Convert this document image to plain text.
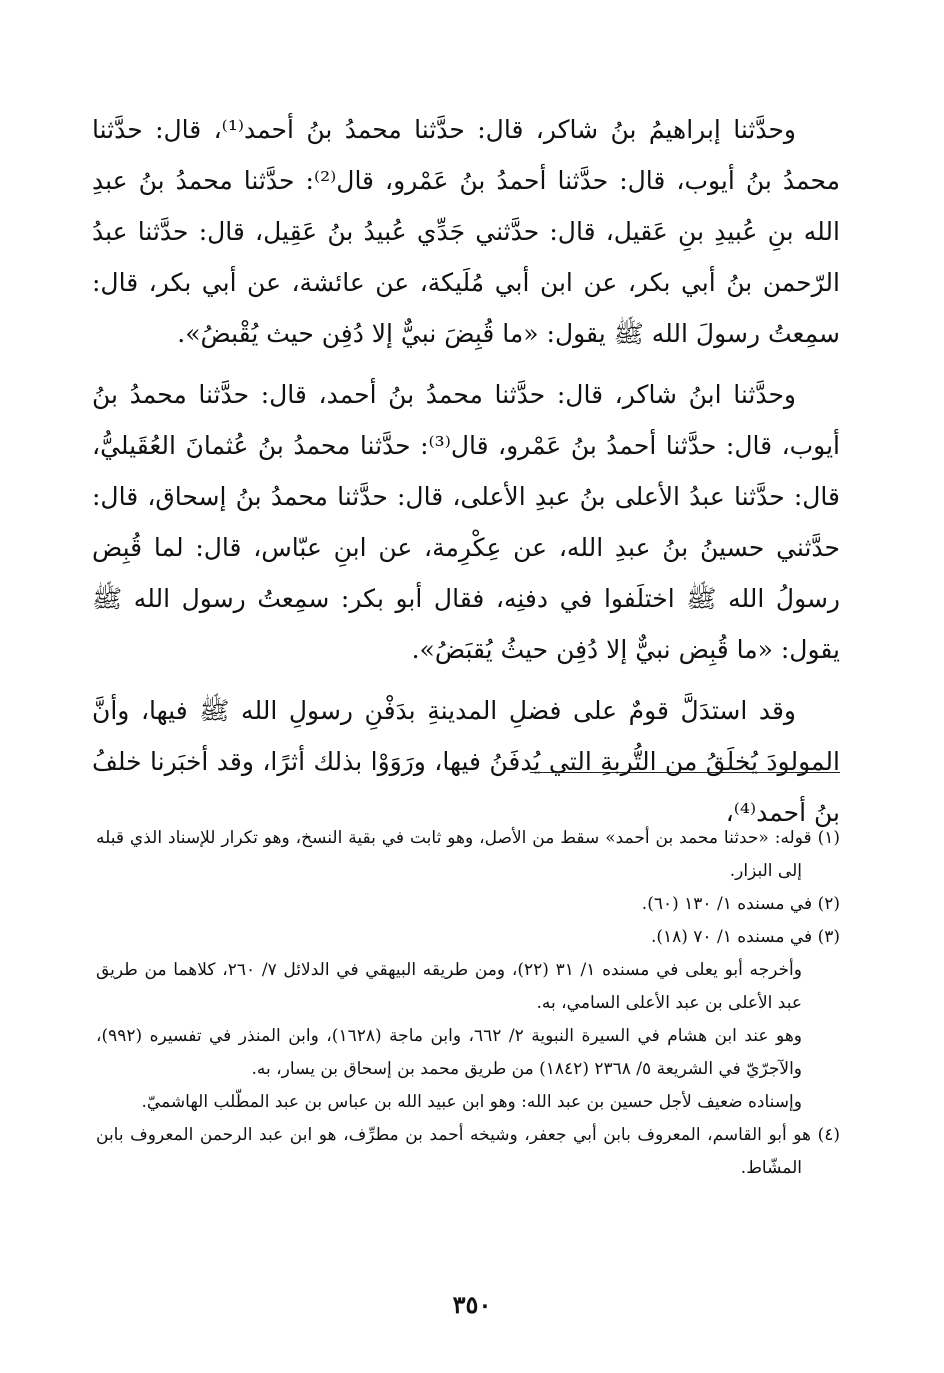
وحدَّثنا إبراهيمُ بنُ شاكر، قال: حدَّثنا محمدُ بنُ أحمد⁽¹⁾، قال: حدَّثنا محمدُ بنُ أيوب، قال: حدَّثنا أحمدُ بنُ عَمْرو، قال⁽²⁾: حدَّثنا محمدُ بنُ عبدِ الله بنِ عُبيدِ بنِ عَقيل، قال: حدَّثني جَدِّي عُبيدُ بنُ عَقِيل، قال: حدَّثنا عبدُ الرّحمن بنُ أبي بكر، عن ابن أبي مُلَيكة، عن عائشة، عن أبي بكر، قال: سمِعتُ رسولَ الله ﷺ يقول: «ما قُبِضَ نبيٌّ إلا دُفِن حيث يُقْبضُ».

وحدَّثنا ابنُ شاكر، قال: حدَّثنا محمدُ بنُ أحمد، قال: حدَّثنا محمدُ بنُ أيوب، قال: حدَّثنا أحمدُ بنُ عَمْرو، قال⁽³⁾: حدَّثنا محمدُ بنُ عُثمانَ العُقَيليُّ، قال: حدَّثنا عبدُ الأعلى بنُ عبدِ الأعلى، قال: حدَّثنا محمدُ بنُ إسحاق، قال: حدَّثني حسينُ بنُ عبدِ الله، عن عِكْرِمة، عن ابنِ عبّاس، قال: لما قُبِض رسولُ الله ﷺ اختلَفوا في دفنِه، فقال أبو بكر: سمِعتُ رسول الله ﷺ يقول: «ما قُبِض نبيٌّ إلا دُفِن حيثُ يُقبَضُ».

وقد استدَلَّ قومٌ على فضلِ المدينةِ بدَفْنِ رسولِ الله ﷺ فيها، وأنَّ المولودَ يُخلَقُ من التُّربةِ التي يُدفَنُ فيها، ورَوَوْا بذلك أثرًا، وقد أخبَرنا خلفُ بنُ أحمد⁽⁴⁾،

(١) قوله: «حدثنا محمد بن أحمد» سقط من الأصل، وهو ثابت في بقية النسخ، وهو تكرار للإسناد الذي قبله إلى البزار.

(٢) في مسنده ١/ ١٣٠ (٦٠).

(٣) في مسنده ١/ ٧٠ (١٨).

وأخرجه أبو يعلى في مسنده ١/ ٣١ (٢٢)، ومن طريقه البيهقي في الدلائل ٧/ ٢٦٠، كلاهما من طريق عبد الأعلى بن عبد الأعلى السامي، به.

وهو عند ابن هشام في السيرة النبوية ٢/ ٦٦٢، وابن ماجة (١٦٢٨)، وابن المنذر في تفسيره (٩٩٢)، والآجرّيّ في الشريعة ٥/ ٢٣٦٨ (١٨٤٢) من طريق محمد بن إسحاق بن يسار، به.

وإسناده ضعيف لأجل حسين بن عبد الله: وهو ابن عبيد الله بن عباس بن عبد المطّلب الهاشميّ.

(٤) هو أبو القاسم، المعروف بابن أبي جعفر، وشيخه أحمد بن مطرِّف، هو ابن عبد الرحمن المعروف بابن المشّاط.

٣٥٠
